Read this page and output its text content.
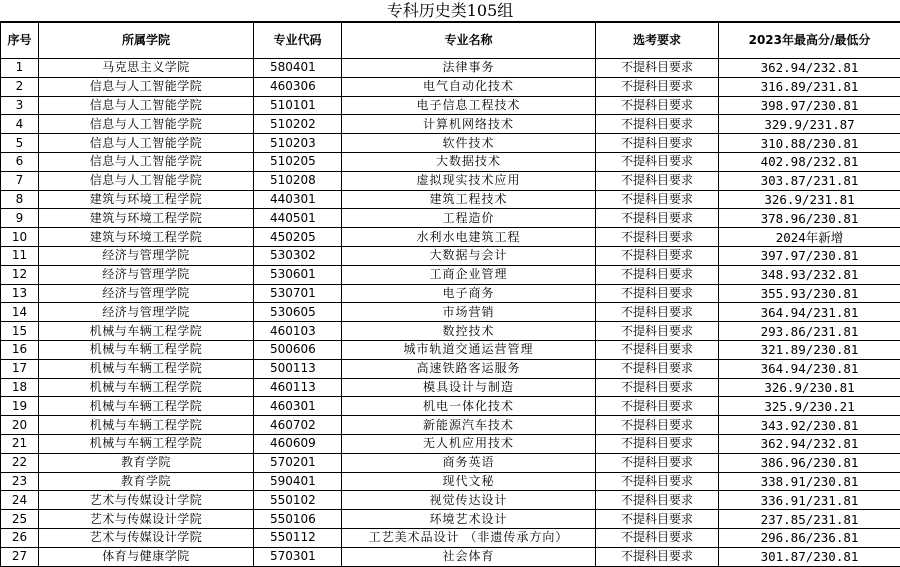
专科历史类105组
序号	所属学院	专业代码	专业名称	选考要求	2023年最高分/最低分
1	马克思主义学院	580401	法律事务	不提科目要求	362.94/232.81
2	信息与人工智能学院	460306	电气自动化技术	不提科目要求	316.89/231.81
3	信息与人工智能学院	510101	电子信息工程技术	不提科目要求	398.97/230.81
4	信息与人工智能学院	510202	计算机网络技术	不提科目要求	329.9/231.87
5	信息与人工智能学院	510203	软件技术	不提科目要求	310.88/230.81
6	信息与人工智能学院	510205	大数据技术	不提科目要求	402.98/232.81
7	信息与人工智能学院	510208	虚拟现实技术应用	不提科目要求	303.87/231.81
8	建筑与环境工程学院	440301	建筑工程技术	不提科目要求	326.9/231.81
9	建筑与环境工程学院	440501	工程造价	不提科目要求	378.96/230.81
10	建筑与环境工程学院	450205	水利水电建筑工程	不提科目要求	2024年新增
11	经济与管理学院	530302	大数据与会计	不提科目要求	397.97/230.81
12	经济与管理学院	530601	工商企业管理	不提科目要求	348.93/232.81
13	经济与管理学院	530701	电子商务	不提科目要求	355.93/230.81
14	经济与管理学院	530605	市场营销	不提科目要求	364.94/231.81
15	机械与车辆工程学院	460103	数控技术	不提科目要求	293.86/231.81
16	机械与车辆工程学院	500606	城市轨道交通运营管理	不提科目要求	321.89/230.81
17	机械与车辆工程学院	500113	高速铁路客运服务	不提科目要求	364.94/230.81
18	机械与车辆工程学院	460113	模具设计与制造	不提科目要求	326.9/230.81
19	机械与车辆工程学院	460301	机电一体化技术	不提科目要求	325.9/230.21
20	机械与车辆工程学院	460702	新能源汽车技术	不提科目要求	343.92/230.81
21	机械与车辆工程学院	460609	无人机应用技术	不提科目要求	362.94/232.81
22	教育学院	570201	商务英语	不提科目要求	386.96/230.81
23	教育学院	590401	现代文秘	不提科目要求	338.91/230.81
24	艺术与传媒设计学院	550102	视觉传达设计	不提科目要求	336.91/231.81
25	艺术与传媒设计学院	550106	环境艺术设计	不提科目要求	237.85/231.81
26	艺术与传媒设计学院	550112	工艺美术品设计 （非遗传承方向）	不提科目要求	296.86/236.81
27	体育与健康学院	570301	社会体育	不提科目要求	301.87/230.81
